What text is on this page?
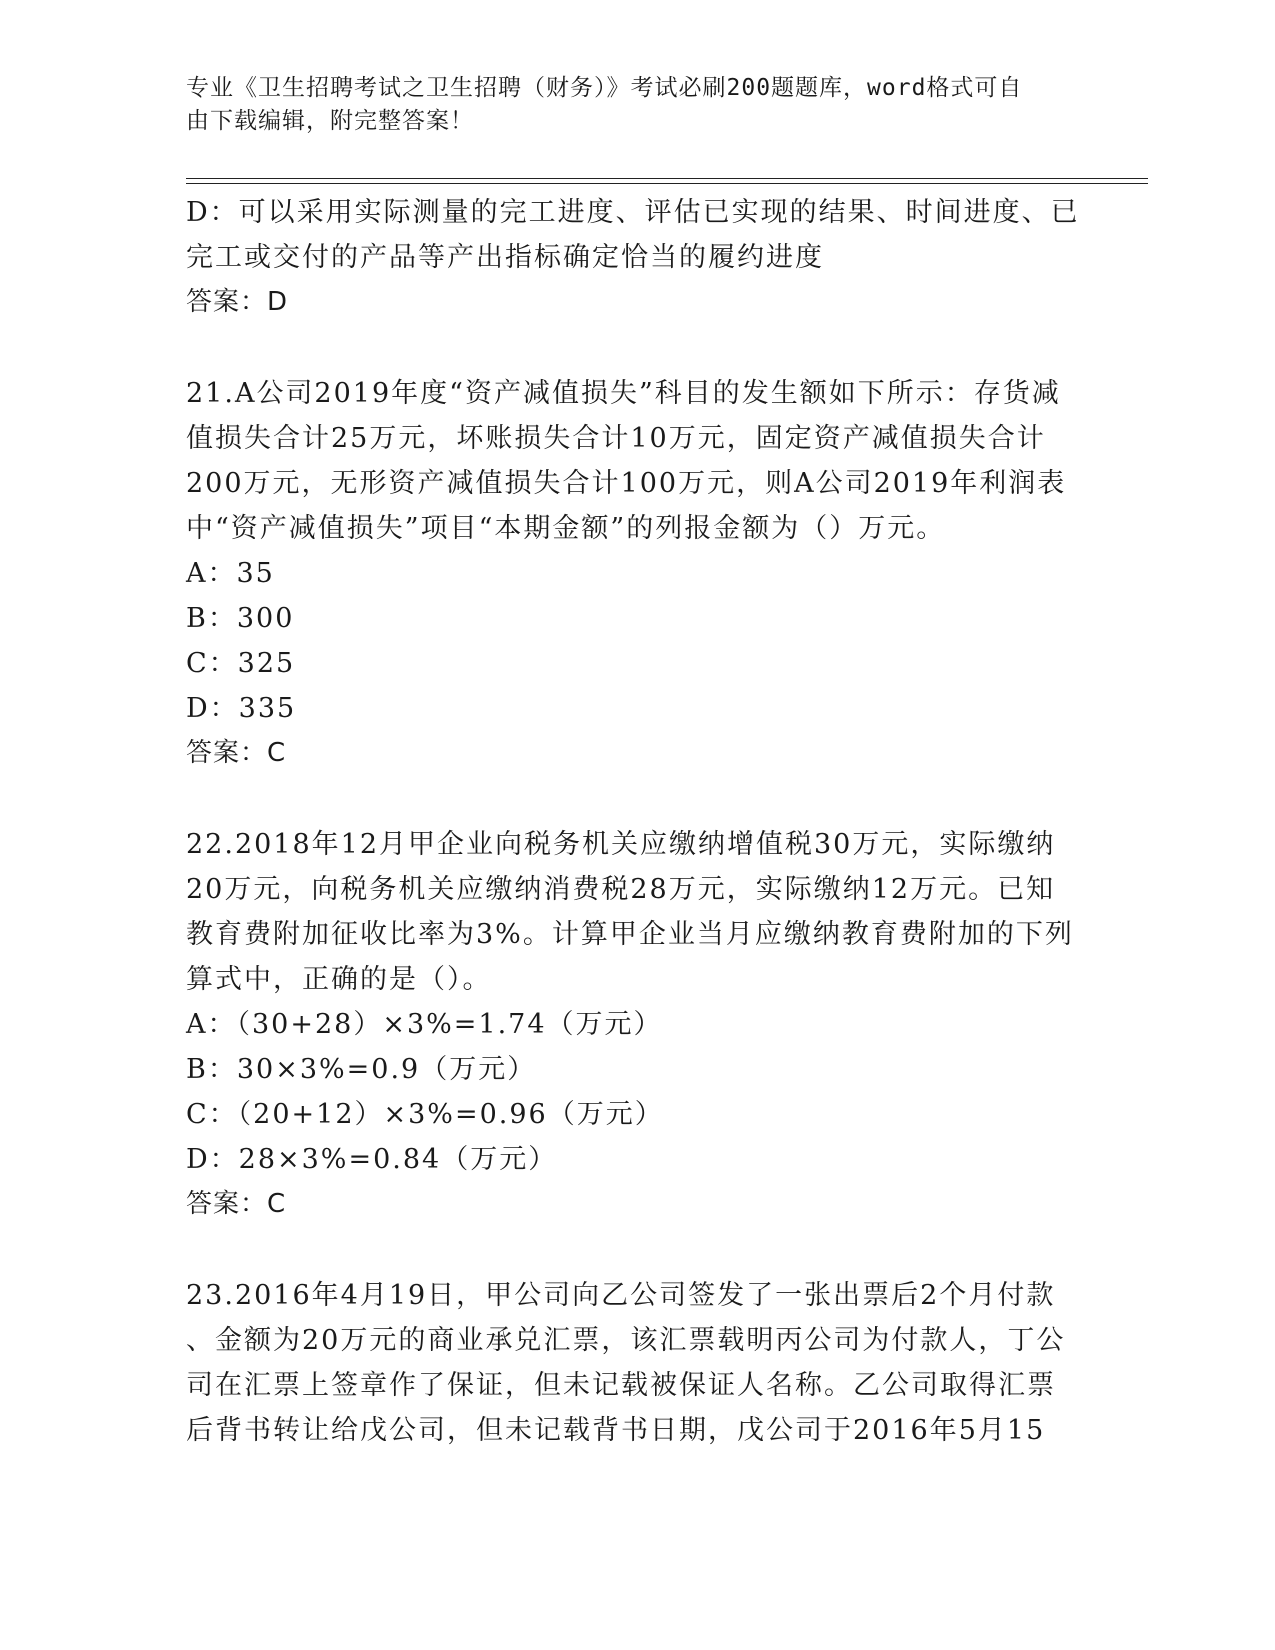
专业《卫生招聘考试之卫生招聘（财务）》考试必刷200题题库，word格式可自
由下载编辑，附完整答案！
D：可以采用实际测量的完工进度、评估已实现的结果、时间进度、已
完工或交付的产品等产出指标确定恰当的履约进度
答案：D
21.A公司2019年度“资产减值损失”科目的发生额如下所示：存货减
值损失合计25万元，坏账损失合计10万元，固定资产减值损失合计
200万元，无形资产减值损失合计100万元，则A公司2019年利润表
中“资产减值损失”项目“本期金额”的列报金额为（）万元。
A：35
B：300
C：325
D：335
答案：C
22.2018年12月甲企业向税务机关应缴纳增值税30万元，实际缴纳
20万元，向税务机关应缴纳消费税28万元，实际缴纳12万元。已知
教育费附加征收比率为3%。计算甲企业当月应缴纳教育费附加的下列
算式中，正确的是（）。
A：（30+28）×3%=1.74（万元）
B：30×3%=0.9（万元）
C：（20+12）×3%=0.96（万元）
D：28×3%=0.84（万元）
答案：C
23.2016年4月19日，甲公司向乙公司签发了一张出票后2个月付款
、金额为20万元的商业承兑汇票，该汇票载明丙公司为付款人，丁公
司在汇票上签章作了保证，但未记载被保证人名称。乙公司取得汇票
后背书转让给戊公司，但未记载背书日期，戊公司于2016年5月15
